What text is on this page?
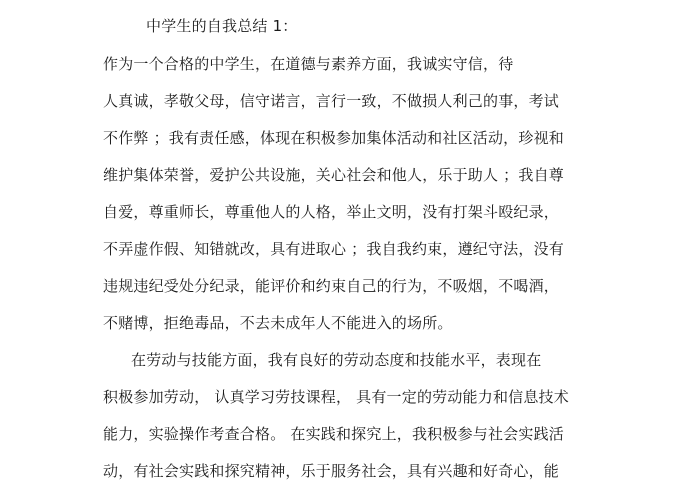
中学生的自我总结 1：
作为一个合格的中学生，在道德与素养方面，我诚实守信，待
人真诚，孝敬父母，信守诺言，言行一致，不做损人利己的事，考试
不作弊 ；我有责任感，体现在积极参加集体活动和社区活动，珍视和
维护集体荣誉，爱护公共设施，关心社会和他人，乐于助人 ；我自尊
自爱，尊重师长，尊重他人的人格，举止文明，没有打架斗殴纪录，
不弄虚作假、知错就改，具有进取心 ；我自我约束，遵纪守法，没有
违规违纪受处分纪录，能评价和约束自己的行为，不吸烟，不喝酒，
不赌博，拒绝毒品，不去未成年人不能进入的场所。
在劳动与技能方面，我有良好的劳动态度和技能水平，表现在
积极参加劳动， 认真学习劳技课程， 具有一定的劳动能力和信息技术
能力，实验操作考查合格。 在实践和探究上，我积极参与社会实践活
动，有社会实践和探究精神，乐于服务社会，具有兴趣和好奇心，能
